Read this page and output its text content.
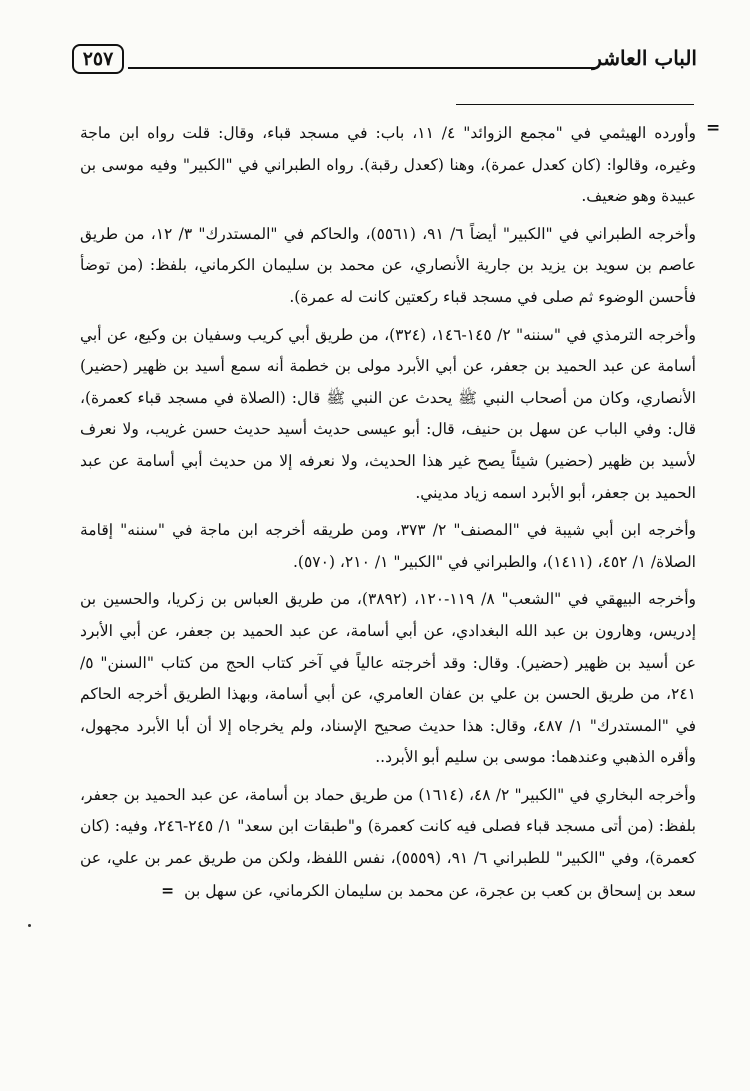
الباب العاشر
٢٥٧
=

وأورده الهيثمي في "مجمع الزوائد" ٤/ ١١، باب: في مسجد قباء، وقال: قلت رواه ابن ماجة وغيره، وقالوا: (كان كعدل عمرة)، وهنا (كعدل رقبة). رواه الطبراني في "الكبير" وفيه موسى بن عبيدة وهو ضعيف.

وأخرجه الطبراني في "الكبير" أيضاً ٦/ ٩١، (٥٥٦١)، والحاكم في "المستدرك" ٣/ ١٢، من طريق عاصم بن سويد بن يزيد بن جارية الأنصاري، عن محمد بن سليمان الكرماني، بلفظ: (من توضأ فأحسن الوضوء ثم صلى في مسجد قباء ركعتين كانت له عمرة).

وأخرجه الترمذي في "سننه" ٢/ ١٤٥-١٤٦، (٣٢٤)، من طريق أبي كريب وسفيان بن وكيع، عن أبي أسامة عن عبد الحميد بن جعفر، عن أبي الأبرد مولى بن خطمة أنه سمع أسيد بن ظهير (حضير) الأنصاري، وكان من أصحاب النبي ﷺ يحدث عن النبي ﷺ قال: (الصلاة في مسجد قباء كعمرة)، قال: وفي الباب عن سهل بن حنيف، قال: أبو عيسى حديث أسيد حديث حسن غريب، ولا نعرف لأسيد بن ظهير (حضير) شيئاً يصح غير هذا الحديث، ولا نعرفه إلا من حديث أبي أسامة عن عبد الحميد بن جعفر، أبو الأبرد اسمه زياد مديني.

وأخرجه ابن أبي شيبة في "المصنف" ٢/ ٣٧٣، ومن طريقه أخرجه ابن ماجة في "سننه" إقامة الصلاة/ ١/ ٤٥٢، (١٤١١)، والطبراني في "الكبير" ١/ ٢١٠، (٥٧٠).

وأخرجه البيهقي في "الشعب" ٨/ ١١٩-١٢٠، (٣٨٩٢)، من طريق العباس بن زكريا، والحسين بن إدريس، وهارون بن عبد الله البغدادي، عن أبي أسامة، عن عبد الحميد بن جعفر، عن أبي الأبرد عن أسيد بن ظهير (حضير). وقال: وقد أخرجته عالياً في آخر كتاب الحج من كتاب "السنن" ٥/ ٢٤١، من طريق الحسن بن علي بن عفان العامري، عن أبي أسامة، وبهذا الطريق أخرجه الحاكم في "المستدرك" ١/ ٤٨٧، وقال: هذا حديث صحيح الإسناد، ولم يخرجاه إلا أن أبا الأبرد مجهول، وأقره الذهبي وعندهما: موسى بن سليم أبو الأبرد..

وأخرجه البخاري في "الكبير" ٢/ ٤٨، (١٦١٤) من طريق حماد بن أسامة، عن عبد الحميد بن جعفر، بلفظ: (من أتى مسجد قباء فصلى فيه كانت كعمرة) و"طبقات ابن سعد" ١/ ٢٤٥-٢٤٦، وفيه: (كان كعمرة)، وفي "الكبير" للطبراني ٦/ ٩١، (٥٥٥٩)، نفس اللفظ، ولكن من طريق عمر بن علي، عن سعد بن إسحاق بن كعب بن عجرة، عن محمد بن سليمان الكرماني، عن سهل بن=
